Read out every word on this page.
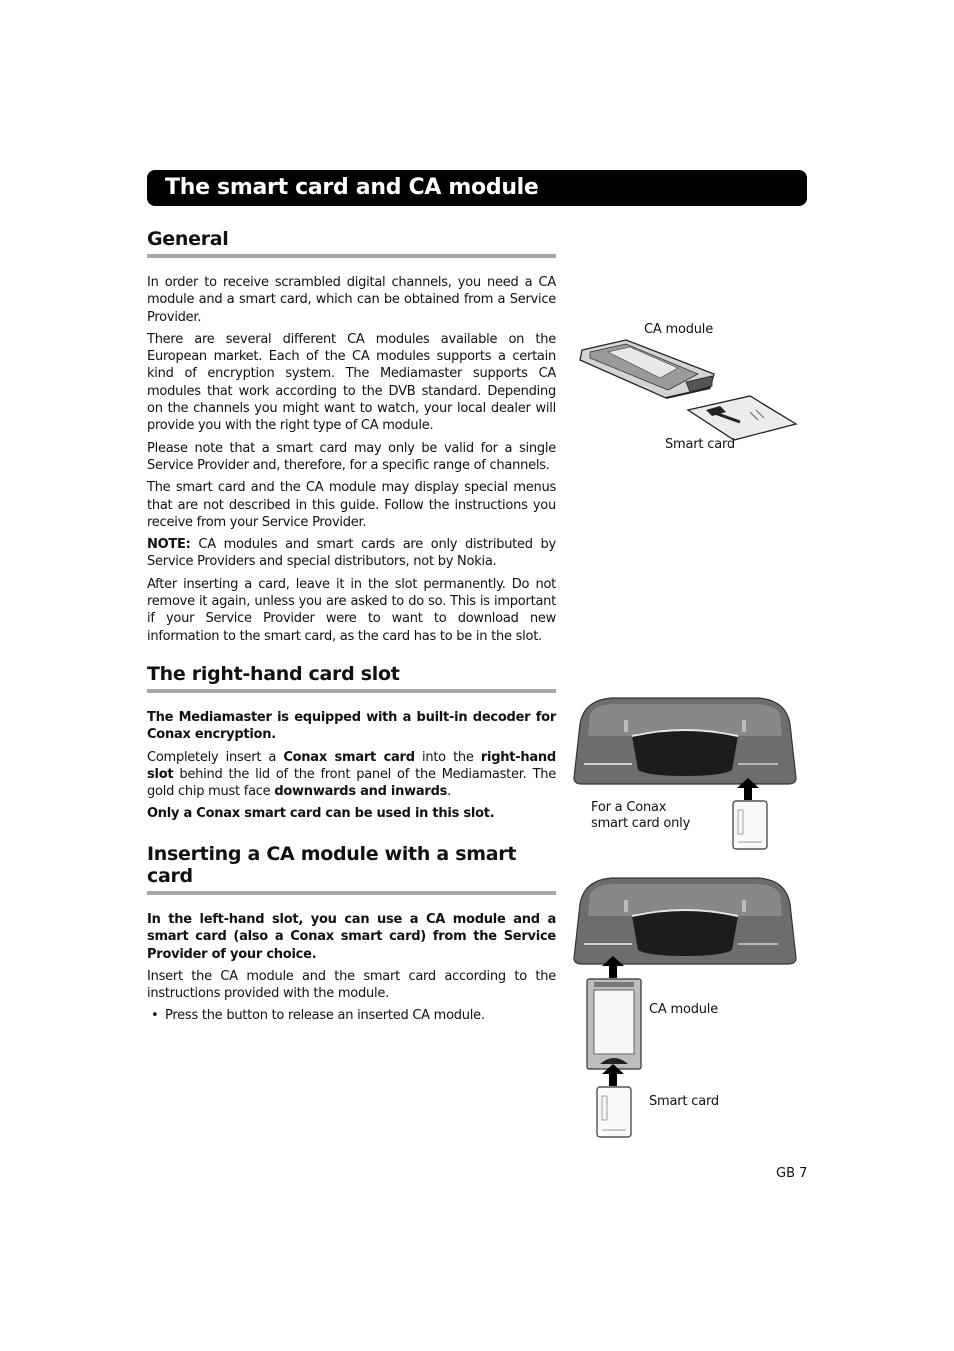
The smart card and CA module
General

In order to receive scrambled digital channels, you need a CA module and a smart card, which can be obtained from a Service Provider.

There are several different CA modules available on the European market. Each of the CA modules supports a certain kind of encryption system. The Mediamaster supports CA modules that work according to the DVB standard. Depending on the channels you might want to watch, your local dealer will provide you with the right type of CA module.

Please note that a smart card may only be valid for a single Service Provider and, therefore, for a specific range of channels.

The smart card and the CA module may display special menus that are not described in this guide. Follow the instructions you receive from your Service Provider.

NOTE: CA modules and smart cards are only distributed by Service Providers and special distributors, not by Nokia.

After inserting a card, leave it in the slot permanently. Do not remove it again, unless you are asked to do so. This is important if your Service Provider were to want to download new information to the smart card, as the card has to be in the slot.

The right-hand card slot

The Mediamaster is equipped with a built-in decoder for Conax encryption.

Completely insert a Conax smart card into the right-hand slot behind the lid of the front panel of the Mediamaster. The gold chip must face downwards and inwards.

Only a Conax smart card can be used in this slot.

Inserting a CA module with a smart card

In the left-hand slot, you can use a CA module and a smart card (also a Conax smart card) from the Service Provider of your choice.

Insert the CA module and the smart card according to the instructions provided with the module.

• Press the button to release an inserted CA module.
CA module
Smart card
For a Conax
smart card only
CA module
Smart card
GB 7
